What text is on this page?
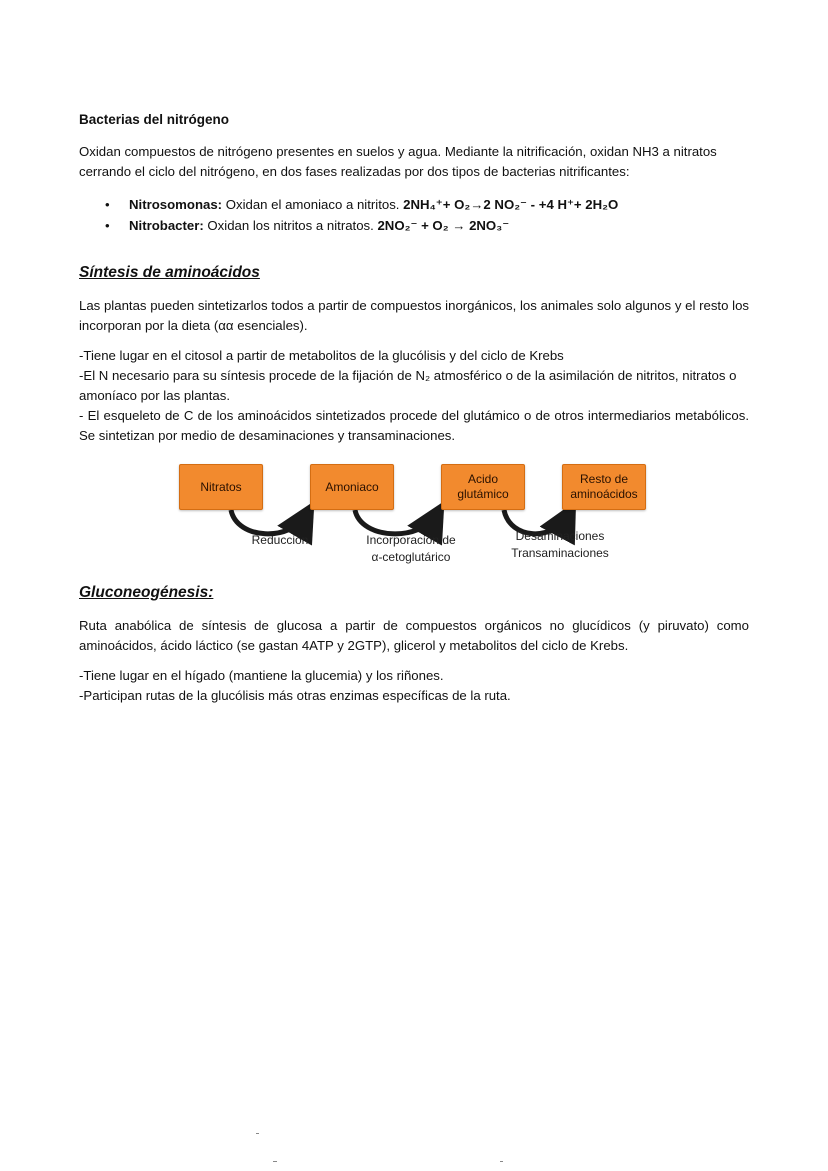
Bacterias del nitrógeno

Oxidan compuestos de nitrógeno presentes en suelos y agua. Mediante la nitrificación, oxidan NH3 a nitratos cerrando el ciclo del nitrógeno, en dos fases realizadas por dos tipos de bacterias nitrificantes:

• Nitrosomonas: Oxidan el amoniaco a nitritos. 2NH₄⁺+ O₂→2 NO₂⁻ - +4 H⁺+ 2H₂O
• Nitrobacter: Oxidan los nitritos a nitratos. 2NO₂⁻ + O₂ → 2NO₃⁻
Síntesis de aminoácidos

Las plantas pueden sintetizarlos todos a partir de compuestos inorgánicos, los animales solo algunos y el resto los incorporan por la dieta (αα esenciales).

-Tiene lugar en el citosol a partir de metabolitos de la glucólisis y del ciclo de Krebs

-El N necesario para su síntesis procede de la fijación de N₂ atmosférico o de la asimilación de nitritos, nitratos o amoníaco por las plantas.

- El esqueleto de C de los aminoácidos sintetizados procede del glutámico o de otros intermediarios metabólicos. Se sintetizan por medio de desaminaciones y transaminaciones.

Nitratos	Amoniaco
Acido glutámico
Resto de aminoácidos
Reducción	Incorporación de
α-cetoglutárico
Desaminaciones
Transaminaciones
Gluconeogénesis:

Ruta anabólica de síntesis de glucosa a partir de compuestos orgánicos no glucídicos (y piruvato) como aminoácidos, ácido láctico (se gastan 4ATP y 2GTP), glicerol y metabolitos del ciclo de Krebs.

-Tiene lugar en el hígado (mantiene la glucemia) y los riñones.

-Participan rutas de la glucólisis más otras enzimas específicas de la ruta.
